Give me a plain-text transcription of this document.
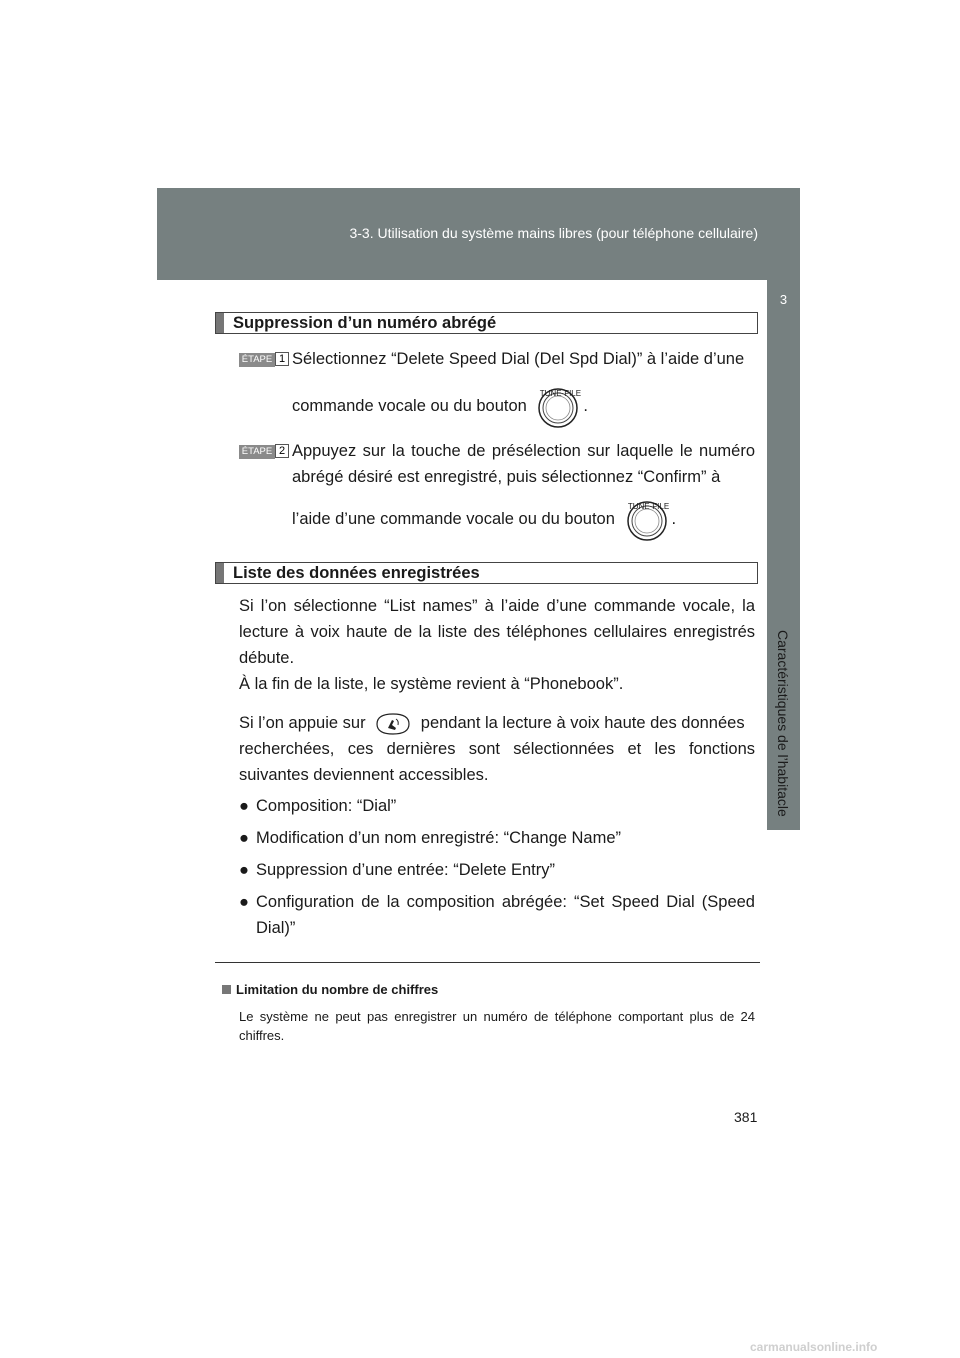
3-3. Utilisation du système mains libres (pour téléphone cellulaire)
3
Caractéristiques de l’habitacle
Suppression d’un numéro abrégé
ÉTAPE 1 Sélectionnez “Delete Speed Dial (Del Spd Dial)” à l’aide d’une
commande vocale ou du bouton
TUNE·FILE
.
ÉTAPE 2 Appuyez sur la touche de présélection sur laquelle le numéro abrégé désiré est enregistré, puis sélectionnez “Confirm” à
l’aide d’une commande vocale ou du bouton
TUNE·FILE
.
Liste des données enregistrées
Si l’on sélectionne “List names” à l’aide d’une commande vocale, la lecture à voix haute de la liste des téléphones cellulaires enregistrés débute.
À la fin de la liste, le système revient à “Phonebook”.
Si l’on appuie sur	pendant la lecture à voix haute des données
recherchées, ces dernières sont sélectionnées et les fonctions suivantes deviennent accessibles.
● Composition: “Dial”
● Modification d’un nom enregistré: “Change Name”
● Suppression d’une entrée: “Delete Entry”
● Configuration de la composition abrégée: “Set Speed Dial (Speed Dial)”
Limitation du nombre de chiffres
Le système ne peut pas enregistrer un numéro de téléphone comportant plus de 24 chiffres.
381
carmanualsonline.info
